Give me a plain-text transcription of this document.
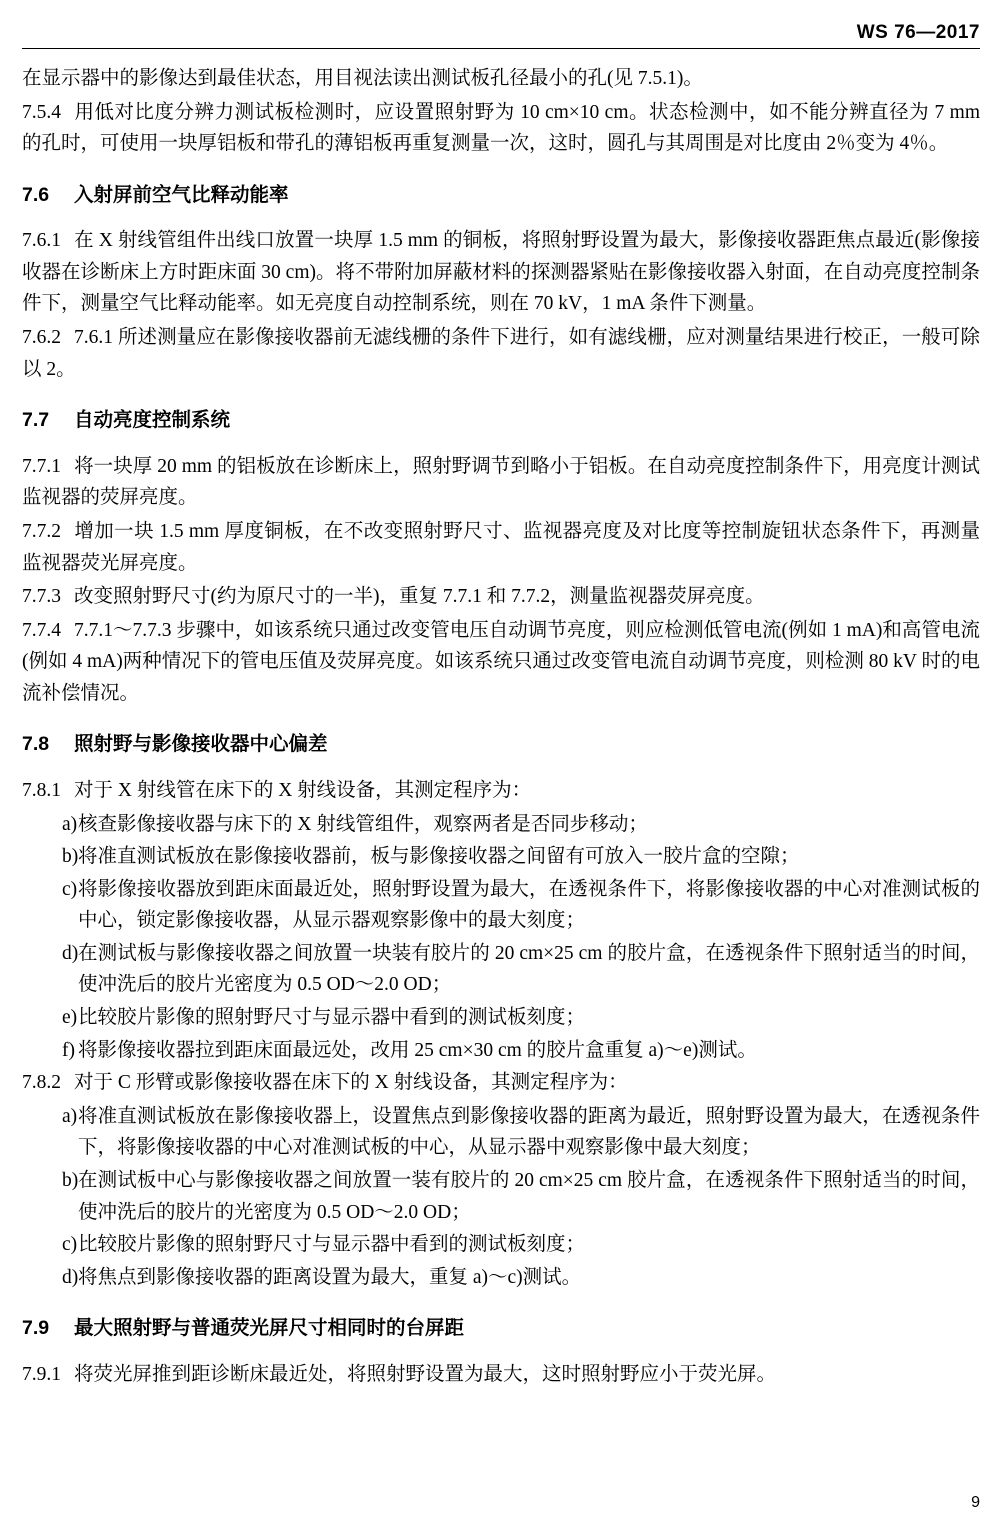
WS 76—2017

在显示器中的影像达到最佳状态，用目视法读出测试板孔径最小的孔(见 7.5.1)。

7.5.4 用低对比度分辨力测试板检测时，应设置照射野为 10 cm×10 cm。状态检测中，如不能分辨直径为 7 mm 的孔时，可使用一块厚铝板和带孔的薄铝板再重复测量一次，这时，圆孔与其周围是对比度由 2％变为 4％。

7.6 入射屏前空气比释动能率

7.6.1 在 X 射线管组件出线口放置一块厚 1.5 mm 的铜板，将照射野设置为最大，影像接收器距焦点最近(影像接收器在诊断床上方时距床面 30 cm)。将不带附加屏蔽材料的探测器紧贴在影像接收器入射面，在自动亮度控制条件下，测量空气比释动能率。如无亮度自动控制系统，则在 70 kV，1 mA 条件下测量。

7.6.2 7.6.1 所述测量应在影像接收器前无滤线栅的条件下进行，如有滤线栅，应对测量结果进行校正，一般可除以 2。

7.7 自动亮度控制系统

7.7.1 将一块厚 20 mm 的铝板放在诊断床上，照射野调节到略小于铝板。在自动亮度控制条件下，用亮度计测试监视器的荧屏亮度。

7.7.2 增加一块 1.5 mm 厚度铜板，在不改变照射野尺寸、监视器亮度及对比度等控制旋钮状态条件下，再测量监视器荧光屏亮度。

7.7.3 改变照射野尺寸(约为原尺寸的一半)，重复 7.7.1 和 7.7.2，测量监视器荧屏亮度。

7.7.4 7.7.1～7.7.3 步骤中，如该系统只通过改变管电压自动调节亮度，则应检测低管电流(例如 1 mA)和高管电流(例如 4 mA)两种情况下的管电压值及荧屏亮度。如该系统只通过改变管电流自动调节亮度，则检测 80 kV 时的电流补偿情况。

7.8 照射野与影像接收器中心偏差

7.8.1 对于 X 射线管在床下的 X 射线设备，其测定程序为：

a) 核查影像接收器与床下的 X 射线管组件，观察两者是否同步移动；
b) 将准直测试板放在影像接收器前，板与影像接收器之间留有可放入一胶片盒的空隙；
c) 将影像接收器放到距床面最近处，照射野设置为最大，在透视条件下，将影像接收器的中心对准测试板的中心，锁定影像接收器，从显示器观察影像中的最大刻度；
d) 在测试板与影像接收器之间放置一块装有胶片的 20 cm×25 cm 的胶片盒，在透视条件下照射适当的时间，使冲洗后的胶片光密度为 0.5 OD～2.0 OD；
e) 比较胶片影像的照射野尺寸与显示器中看到的测试板刻度；
f) 将影像接收器拉到距床面最远处，改用 25 cm×30 cm 的胶片盒重复 a)～e)测试。

7.8.2 对于 C 形臂或影像接收器在床下的 X 射线设备，其测定程序为：

a) 将准直测试板放在影像接收器上，设置焦点到影像接收器的距离为最近，照射野设置为最大，在透视条件下，将影像接收器的中心对准测试板的中心，从显示器中观察影像中最大刻度；
b) 在测试板中心与影像接收器之间放置一装有胶片的 20 cm×25 cm 胶片盒，在透视条件下照射适当的时间，使冲洗后的胶片的光密度为 0.5 OD～2.0 OD；
c) 比较胶片影像的照射野尺寸与显示器中看到的测试板刻度；
d) 将焦点到影像接收器的距离设置为最大，重复 a)～c)测试。
7.9 最大照射野与普通荧光屏尺寸相同时的台屏距

7.9.1 将荧光屏推到距诊断床最近处，将照射野设置为最大，这时照射野应小于荧光屏。

9
